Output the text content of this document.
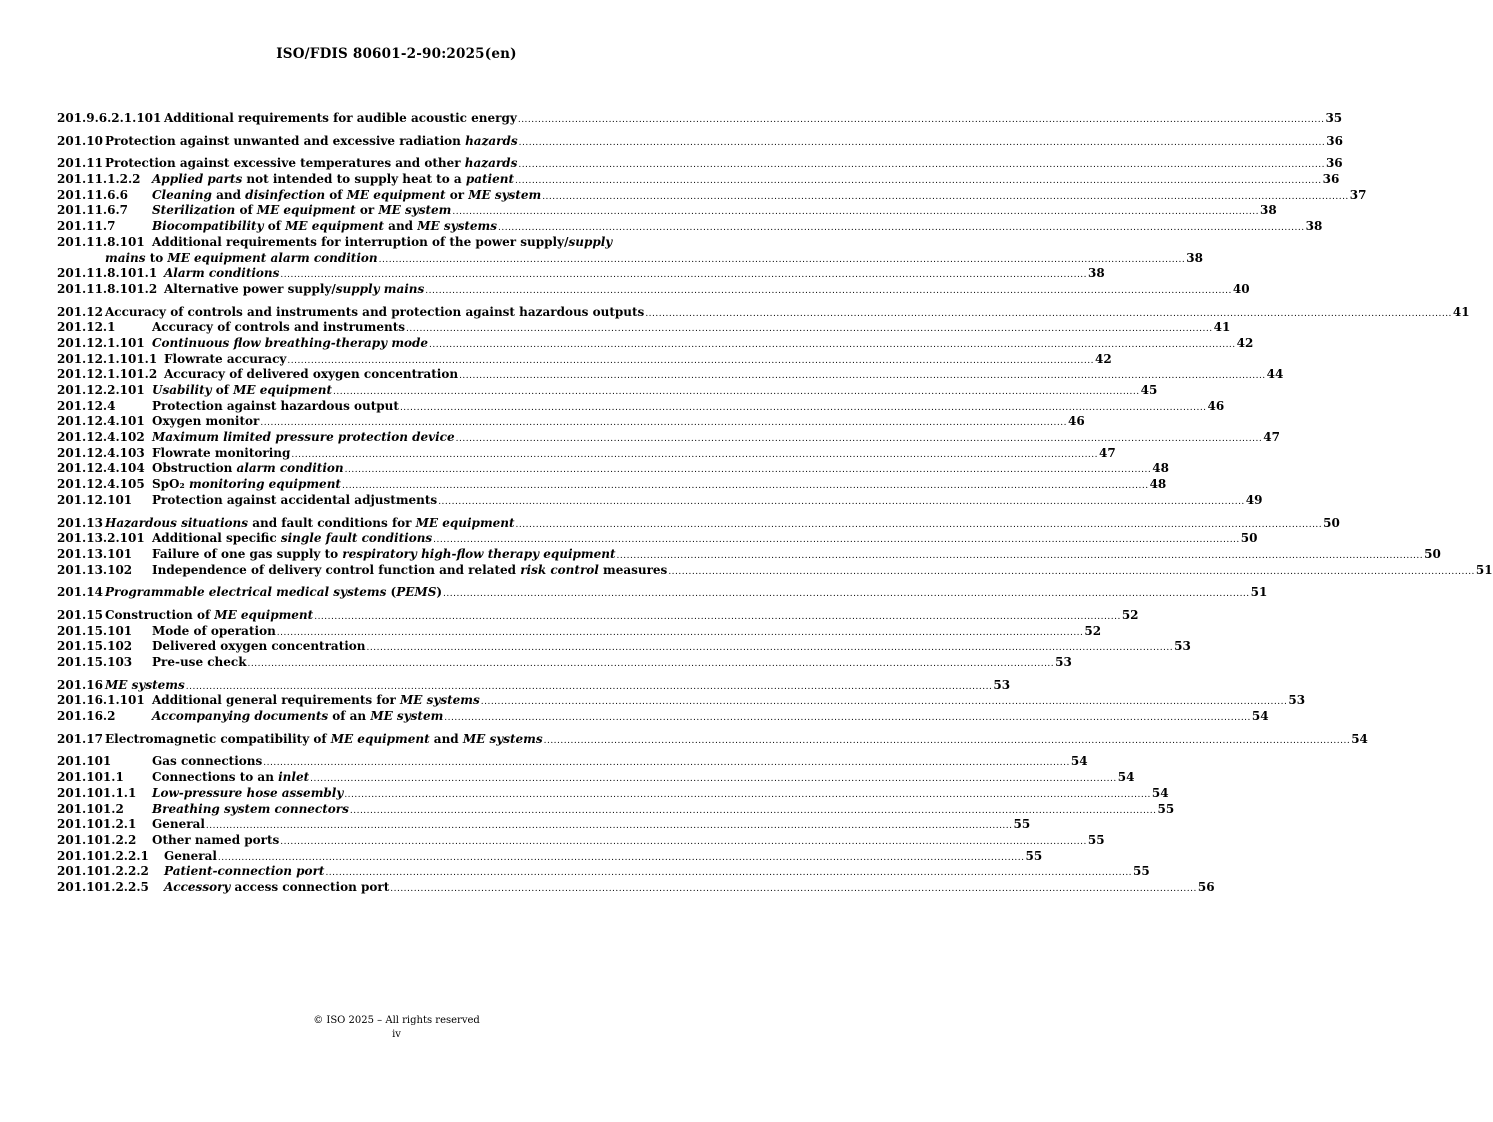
ISO/FDIS 80601-2-90:2025(en)
201.9.6.2.1.101 Additional requirements for audible acoustic energy .....	35
201.10 Protection against unwanted and excessive radiation hazards .....	36
201.11 Protection against excessive temperatures and other hazards .....	36
201.11.1.2.2 Applied parts not intended to supply heat to a patient .....	36
201.11.6.6	Cleaning and disinfection of ME equipment or ME system .....	37
201.11.6.7	Sterilization of ME equipment or ME system .....	38
201.11.7	Biocompatibility of ME equipment and ME systems .....	38
201.11.8.101 Additional requirements for interruption of the power supply/supply
mains to ME equipment alarm condition .....	38
201.11.8.101.1 Alarm conditions .....	38
201.11.8.101.2 Alternative power supply/supply mains .....	40
201.12 Accuracy of controls and instruments and protection against hazardous outputs .....	41
201.12.1	Accuracy of controls and instruments .....	41
201.12.1.101 Continuous flow breathing-therapy mode .....	42
201.12.1.101.1 Flowrate accuracy .....	42
201.12.1.101.2 Accuracy of delivered oxygen concentration .....	44
201.12.2.101 Usability of ME equipment .....	45
201.12.4	Protection against hazardous output .....	46
201.12.4.101 Oxygen monitor .....	46
201.12.4.102 Maximum limited pressure protection device .....	47
201.12.4.103 Flowrate monitoring .....	47
201.12.4.104 Obstruction alarm condition .....	48
201.12.4.105 SpO₂ monitoring equipment .....	48
201.12.101	Protection against accidental adjustments .....	49
201.13 Hazardous situations and fault conditions for ME equipment .....	50
201.13.2.101 Additional specific single fault conditions .....	50
201.13.101	Failure of one gas supply to respiratory high-flow therapy equipment .....	50
201.13.102	Independence of delivery control function and related risk control measures .....	51
201.14 Programmable electrical medical systems (PEMS) .....	51
201.15 Construction of ME equipment .....	52
201.15.101	Mode of operation .....	52
201.15.102	Delivered oxygen concentration .....	53
201.15.103	Pre-use check .....	53
201.16 ME systems .....	53
201.16.1.101 Additional general requirements for ME systems .....	53
201.16.2	Accompanying documents of an ME system .....	54
201.17 Electromagnetic compatibility of ME equipment and ME systems .....	54
201.101	Gas connections .....	54
201.101.1	Connections to an inlet .....	54
201.101.1.1	Low-pressure hose assembly .....	54
201.101.2	Breathing system connectors .....	55
201.101.2.1	General .....	55
201.101.2.2	Other named ports .....	55
201.101.2.2.1	General .....	55
201.101.2.2.2	Patient-connection port .....	55
201.101.2.2.5	Accessory access connection port .....	56
© ISO 2025 – All rights reserved
iv
